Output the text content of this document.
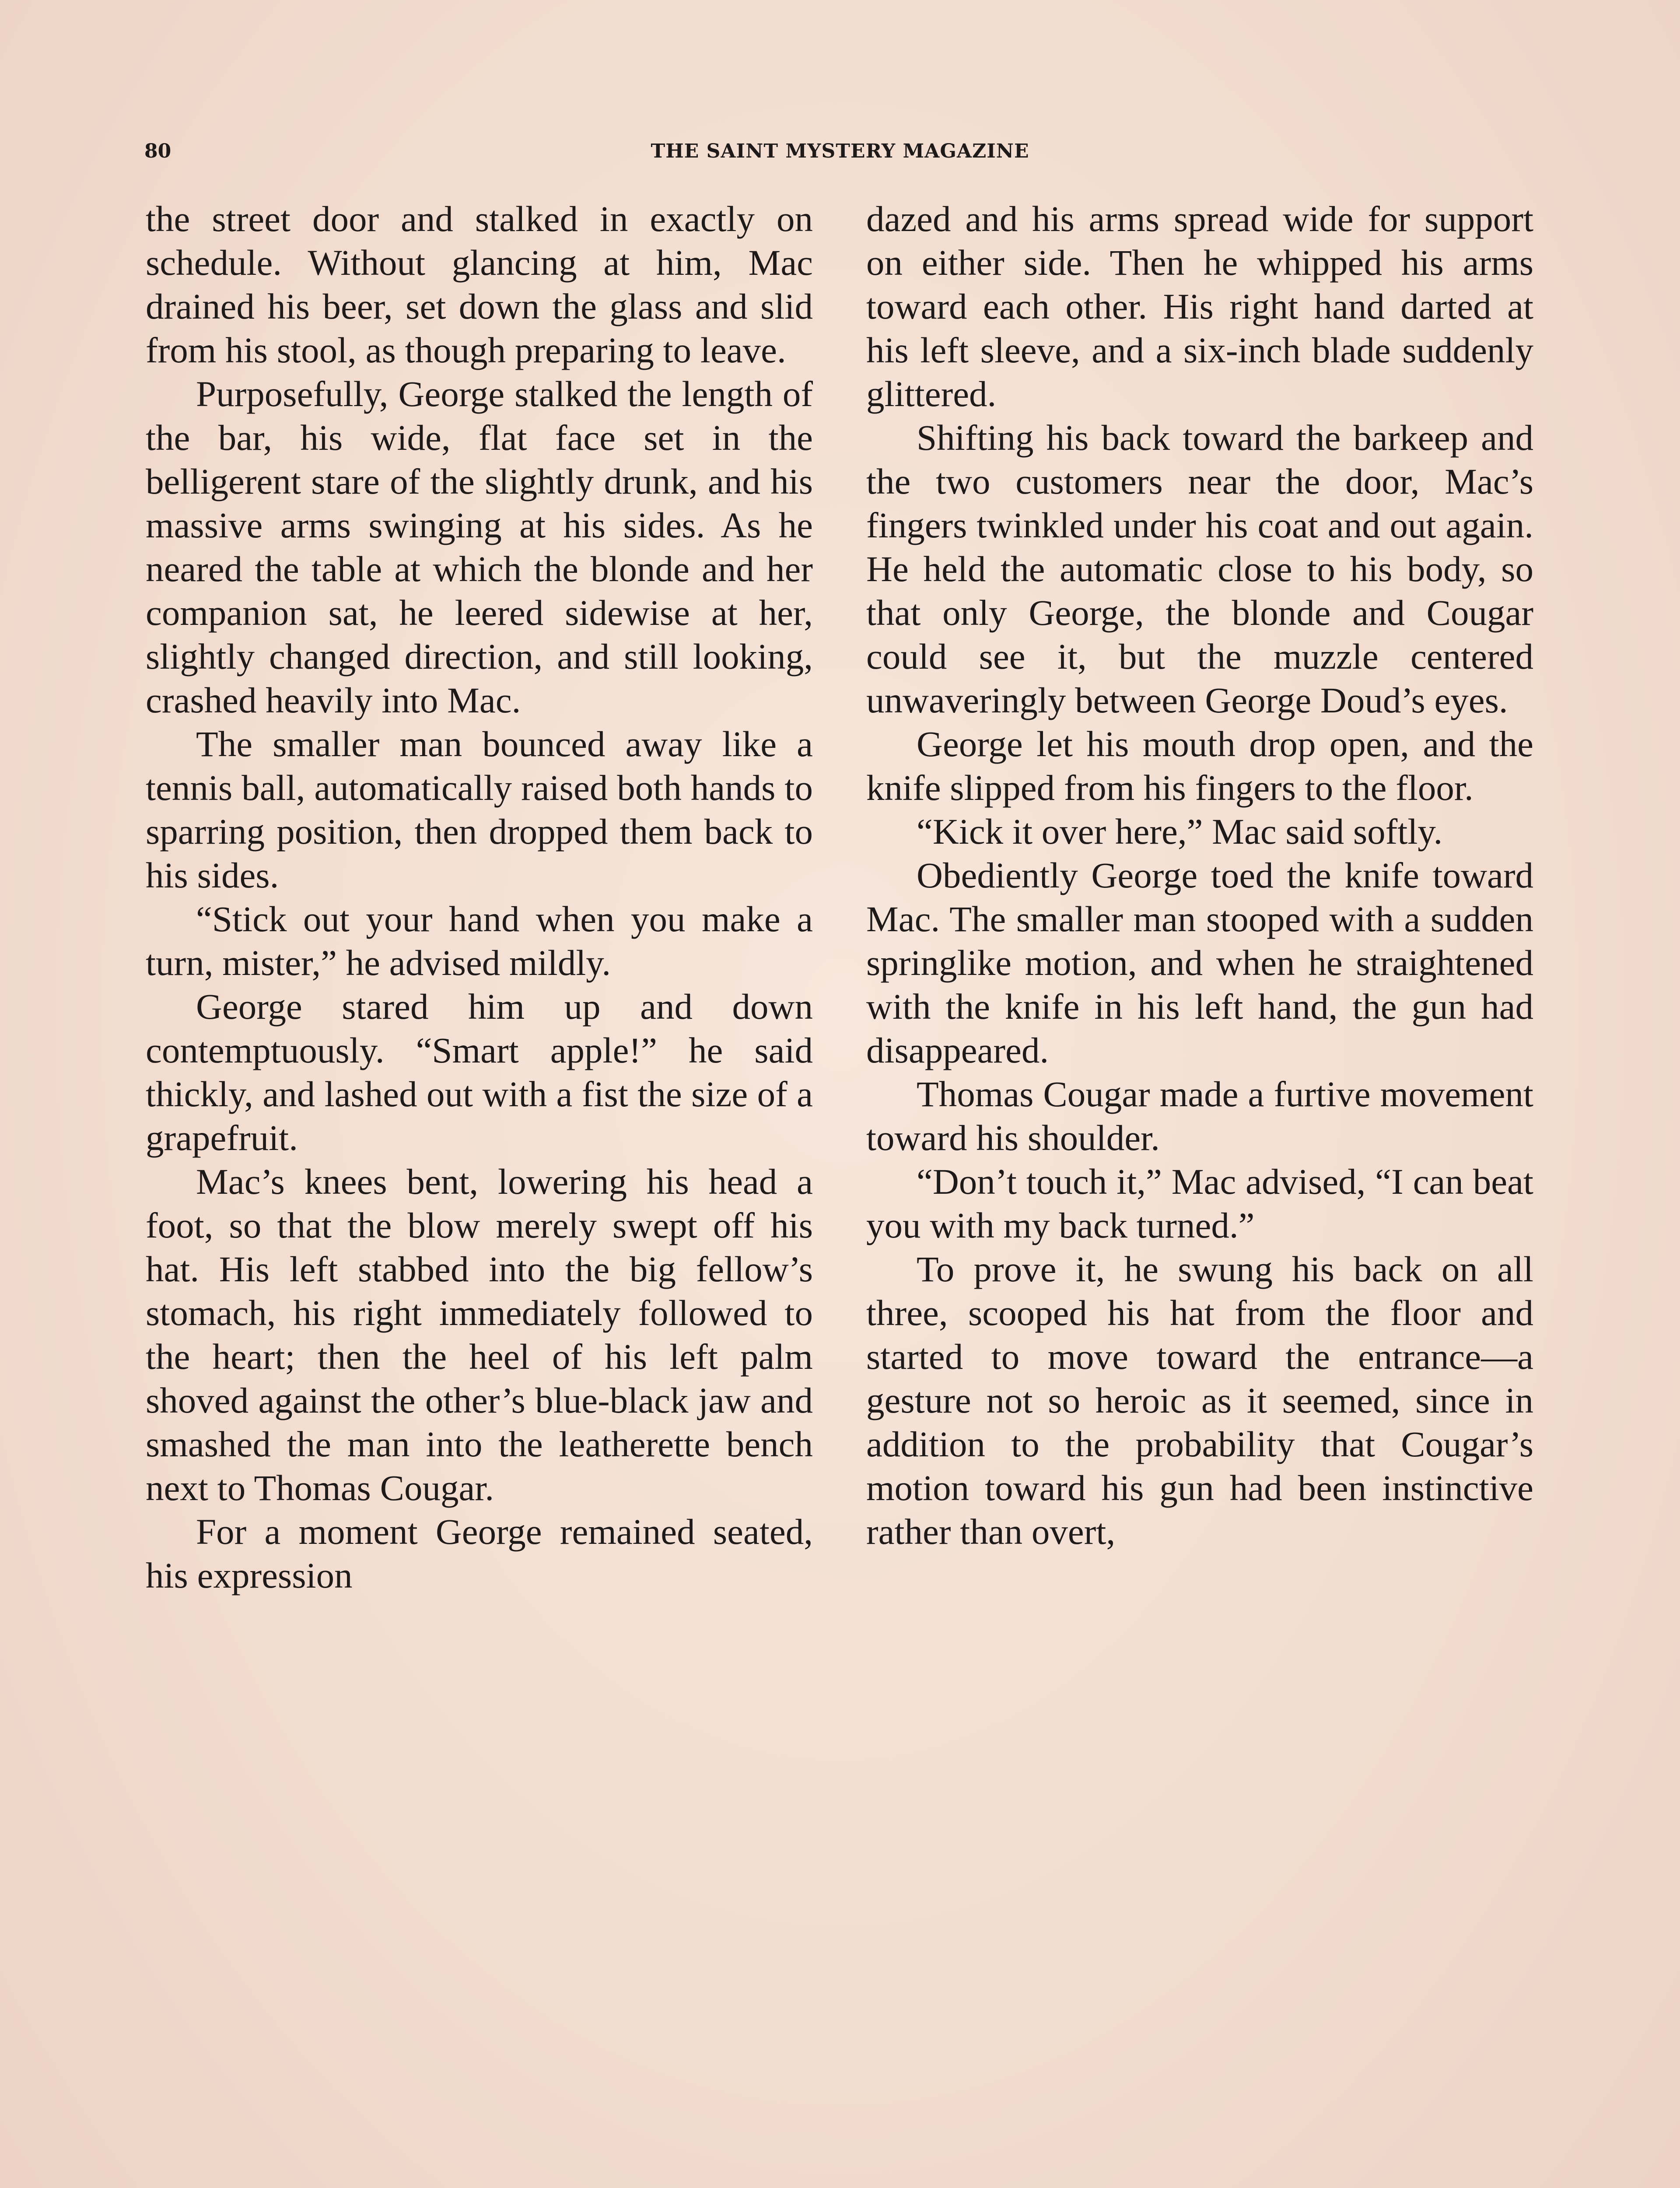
80	THE SAINT MYSTERY MAGAZINE

the street door and stalked in exactly on schedule. Without glancing at him, Mac drained his beer, set down the glass and slid from his stool, as though preparing to leave.

Purposefully, George stalked the length of the bar, his wide, flat face set in the belligerent stare of the slightly drunk, and his massive arms swinging at his sides. As he neared the table at which the blonde and her companion sat, he leered sidewise at her, slightly changed direction, and still looking, crashed heavily into Mac.

The smaller man bounced away like a tennis ball, automatically raised both hands to sparring position, then dropped them back to his sides.

“Stick out your hand when you make a turn, mister,” he advised mildly.

George stared him up and down contemptuously. “Smart apple!” he said thickly, and lashed out with a fist the size of a grapefruit.

Mac’s knees bent, lowering his head a foot, so that the blow merely swept off his hat. His left stabbed into the big fellow’s stomach, his right immediately followed to the heart; then the heel of his left palm shoved against the other’s blue-black jaw and smashed the man into the leatherette bench next to Thomas Cougar.

For a moment George remained seated, his expression

dazed and his arms spread wide for support on either side. Then he whipped his arms toward each other. His right hand darted at his left sleeve, and a six-inch blade suddenly glittered.

Shifting his back toward the barkeep and the two customers near the door, Mac’s fingers twinkled under his coat and out again. He held the automatic close to his body, so that only George, the blonde and Cougar could see it, but the muzzle centered unwaveringly between George Doud’s eyes.

George let his mouth drop open, and the knife slipped from his fingers to the floor.

“Kick it over here,” Mac said softly.

Obediently George toed the knife toward Mac. The smaller man stooped with a sudden springlike motion, and when he straightened with the knife in his left hand, the gun had disappeared.

Thomas Cougar made a furtive movement toward his shoulder.

“Don’t touch it,” Mac advised, “I can beat you with my back turned.”

To prove it, he swung his back on all three, scooped his hat from the floor and started to move toward the entrance—a gesture not so heroic as it seemed, since in addition to the probability that Cougar’s motion toward his gun had been instinctive rather than overt,
